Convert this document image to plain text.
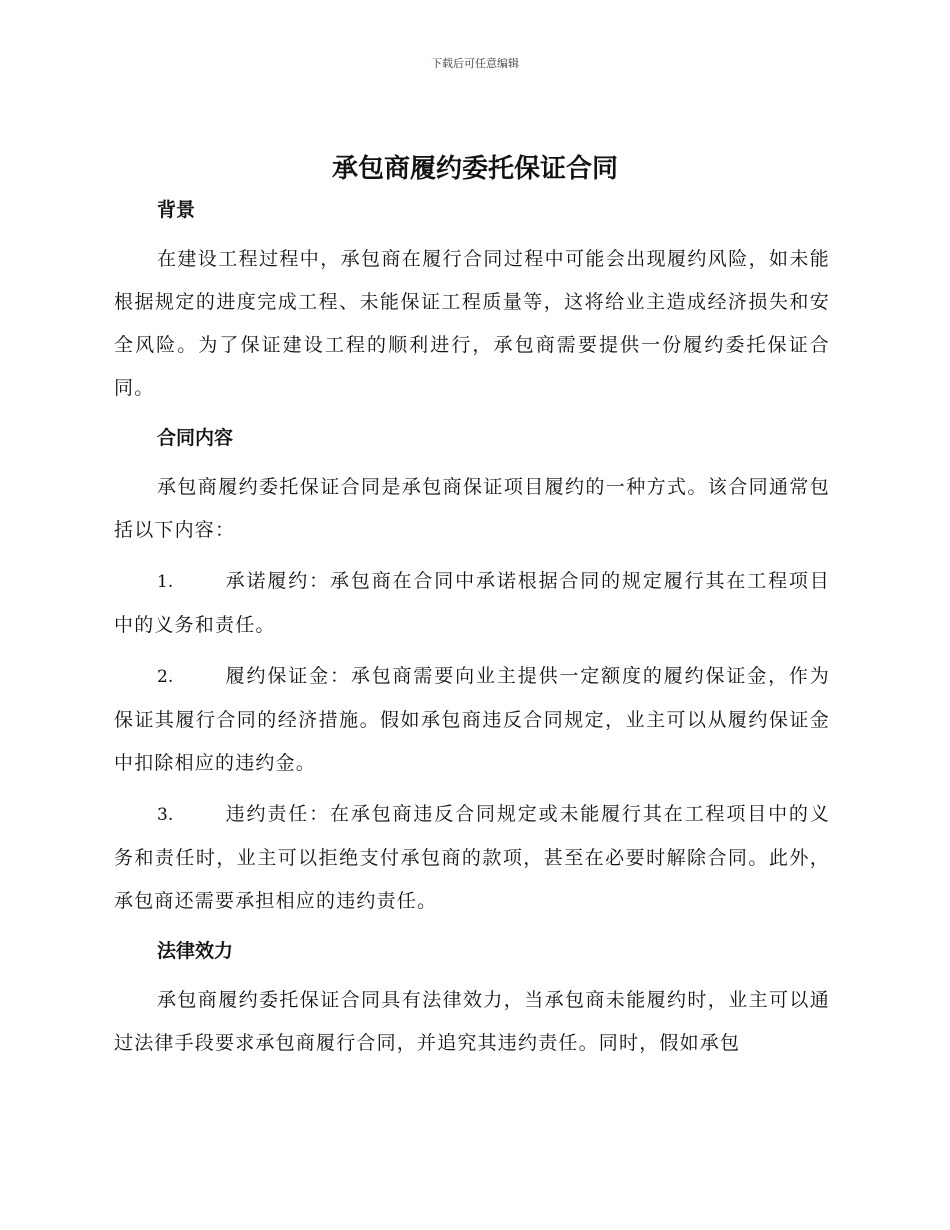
下载后可任意编辑
承包商履约委托保证合同
背景

在建设工程过程中，承包商在履行合同过程中可能会出现履约风险，如未能根据规定的进度完成工程、未能保证工程质量等，这将给业主造成经济损失和安全风险。为了保证建设工程的顺利进行，承包商需要提供一份履约委托保证合同。

合同内容

承包商履约委托保证合同是承包商保证项目履约的一种方式。该合同通常包括以下内容：

1.	承诺履约：承包商在合同中承诺根据合同的规定履行其在工程项目中的义务和责任。

2.	履约保证金：承包商需要向业主提供一定额度的履约保证金，作为保证其履行合同的经济措施。假如承包商违反合同规定，业主可以从履约保证金中扣除相应的违约金。

3.	违约责任：在承包商违反合同规定或未能履行其在工程项目中的义务和责任时，业主可以拒绝支付承包商的款项，甚至在必要时解除合同。此外，承包商还需要承担相应的违约责任。

法律效力

承包商履约委托保证合同具有法律效力，当承包商未能履约时，业主可以通过法律手段要求承包商履行合同，并追究其违约责任。同时，假如承包
